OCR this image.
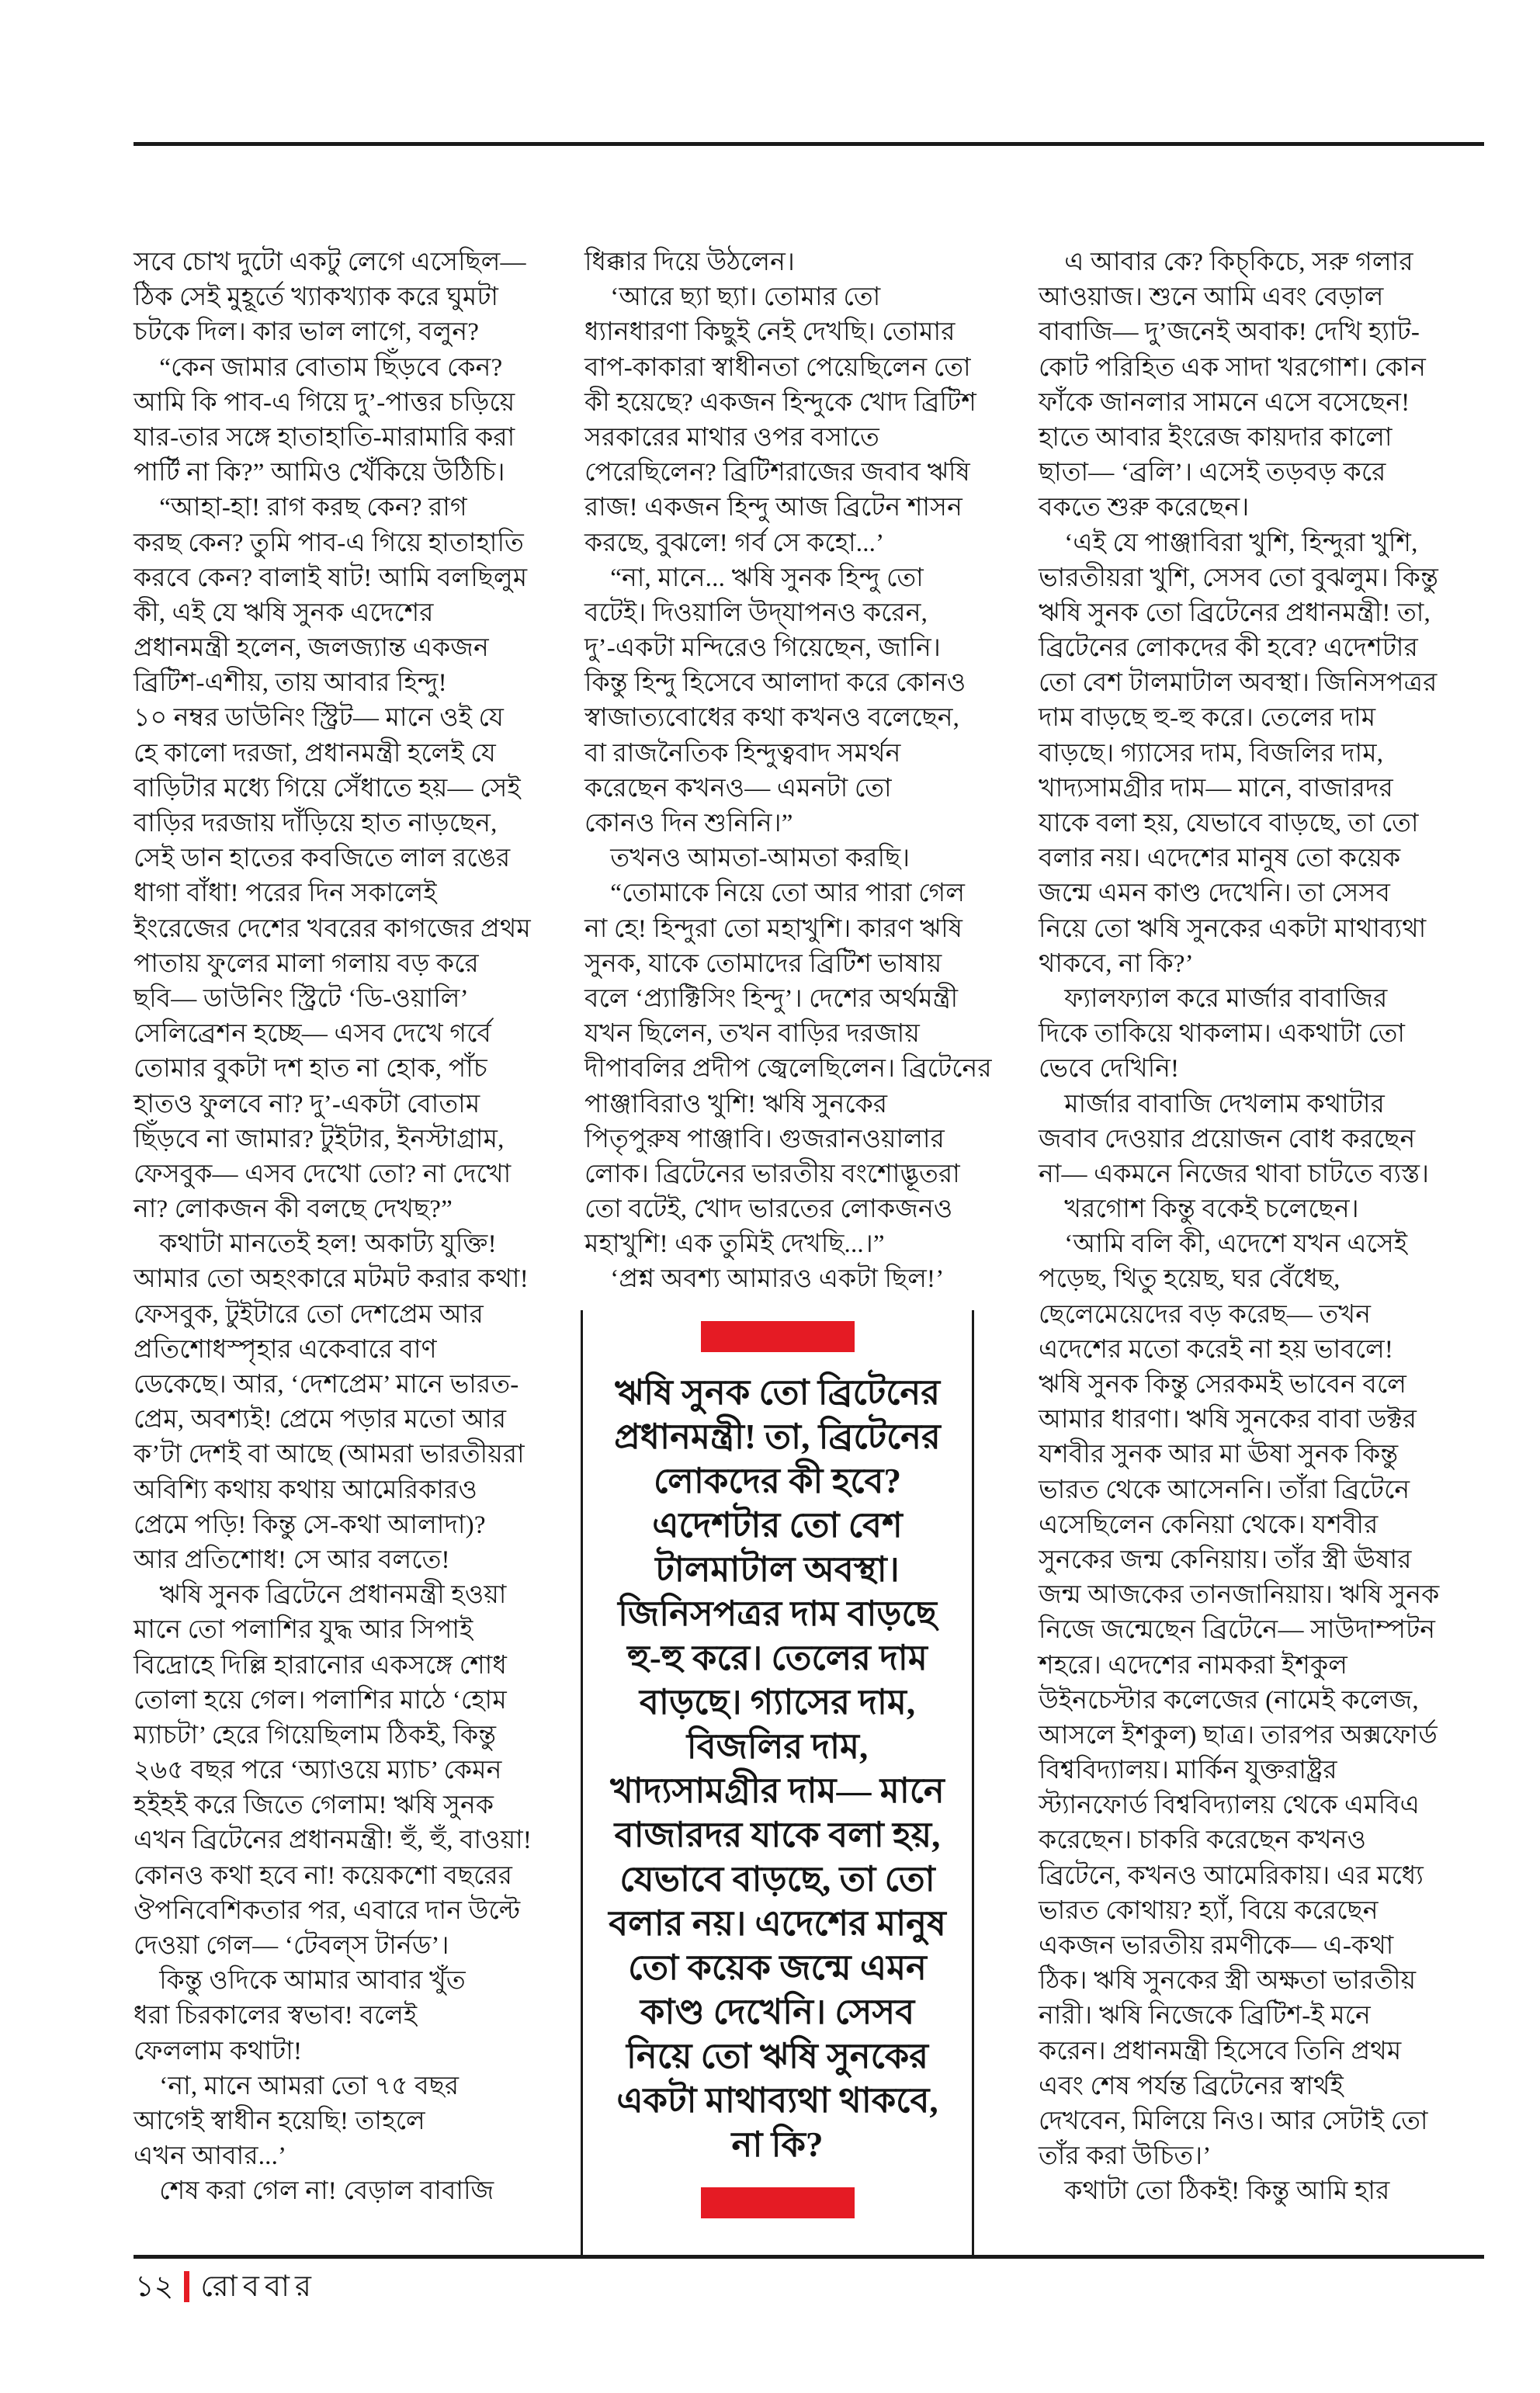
সবে চোখ দুটো একটু লেগে এসেছিল—
ঠিক সেই মুহূর্তে খ্যাকখ্যাক করে ঘুমটা
চটকে দিল। কার ভাল লাগে, বলুন?
 “কেন জামার বোতাম ছিঁড়বে কেন?
আমি কি পাব-এ গিয়ে দু’-পাত্তর চড়িয়ে
যার-তার সঙ্গে হাতাহাতি-মারামারি করা
পার্টি না কি?” আমিও খেঁকিয়ে উঠিচি।
 “আহা-হা! রাগ করছ কেন? রাগ
করছ কেন? তুমি পাব-এ গিয়ে হাতাহাতি
করবে কেন? বালাই ষাট! আমি বলছিলুম
কী, এই যে ঋষি সুনক এদেশের
প্রধানমন্ত্রী হলেন, জলজ্যান্ত একজন
ব্রিটিশ-এশীয়, তায় আবার হিন্দু!
১০ নম্বর ডাউনিং স্ট্রিট— মানে ওই যে
হে কালো দরজা, প্রধানমন্ত্রী হলেই যে
বাড়িটার মধ্যে গিয়ে সেঁধাতে হয়— সেই
বাড়ির দরজায় দাঁড়িয়ে হাত নাড়ছেন,
সেই ডান হাতের কবজিতে লাল রঙের
ধাগা বাঁধা! পরের দিন সকালেই
ইংরেজের দেশের খবরের কাগজের প্রথম
পাতায় ফুলের মালা গলায় বড় করে
ছবি— ডাউনিং স্ট্রিটে ‘ডি-ওয়ালি’
সেলিব্রেশন হচ্ছে— এসব দেখে গর্বে
তোমার বুকটা দশ হাত না হোক, পাঁচ
হাতও ফুলবে না? দু’-একটা বোতাম
ছিঁড়বে না জামার? টুইটার, ইনস্টাগ্রাম,
ফেসবুক— এসব দেখো তো? না দেখো
না? লোকজন কী বলছে দেখছ?”
 কথাটা মানতেই হল! অকাট্য যুক্তি!
আমার তো অহংকারে মটমট করার কথা!
ফেসবুক, টুইটারে তো দেশপ্রেম আর
প্রতিশোধস্পৃহার একেবারে বাণ
ডেকেছে। আর, ‘দেশপ্রেম’ মানে ভারত-
প্রেম, অবশ্যই! প্রেমে পড়ার মতো আর
ক’টা দেশই বা আছে (আমরা ভারতীয়রা
অবিশ্যি কথায় কথায় আমেরিকারও
প্রেমে পড়ি! কিন্তু সে-কথা আলাদা)?
আর প্রতিশোধ! সে আর বলতে!
 ঋষি সুনক ব্রিটেনে প্রধানমন্ত্রী হওয়া
মানে তো পলাশির যুদ্ধ আর সিপাই
বিদ্রোহে দিল্লি হারানোর একসঙ্গে শোধ
তোলা হয়ে গেল। পলাশির মাঠে ‘হোম
ম্যাচটা’ হেরে গিয়েছিলাম ঠিকই, কিন্তু
২৬৫ বছর পরে ‘অ্যাওয়ে ম্যাচ’ কেমন
হইহই করে জিতে গেলাম! ঋষি সুনক
এখন ব্রিটেনের প্রধানমন্ত্রী! হুঁ, হুঁ, বাওয়া!
কোনও কথা হবে না! কয়েকশো বছরের
ঔপনিবেশিকতার পর, এবারে দান উল্টে
দেওয়া গেল— ‘টেবল্‌স টার্নড’।
 কিন্তু ওদিকে আমার আবার খুঁত
ধরা চিরকালের স্বভাব! বলেই
ফেললাম কথাটা!
 ‘না, মানে আমরা তো ৭৫ বছর
আগেই স্বাধীন হয়েছি! তাহলে
এখন আবার...’
 শেষ করা গেল না! বেড়াল বাবাজি
ধিক্কার দিয়ে উঠলেন।
 ‘আরে ছ্যা ছ্যা। তোমার তো
ধ্যানধারণা কিছুই নেই দেখছি। তোমার
বাপ-কাকারা স্বাধীনতা পেয়েছিলেন তো
কী হয়েছে? একজন হিন্দুকে খোদ ব্রিটিশ
সরকারের মাথার ওপর বসাতে
পেরেছিলেন? ব্রিটিশরাজের জবাব ঋষি
রাজ! একজন হিন্দু আজ ব্রিটেন শাসন
করছে, বুঝলে! গর্ব সে কহো...’
 “না, মানে... ঋষি সুনক হিন্দু তো
বটেই। দিওয়ালি উদ্‌যাপনও করেন,
দু’-একটা মন্দিরেও গিয়েছেন, জানি।
কিন্তু হিন্দু হিসেবে আলাদা করে কোনও
স্বাজাত্যবোধের কথা কখনও বলেছেন,
বা রাজনৈতিক হিন্দুত্ববাদ সমর্থন
করেছেন কখনও— এমনটা তো
কোনও দিন শুনিনি।”
 তখনও আমতা-আমতা করছি।
 “তোমাকে নিয়ে তো আর পারা গেল
না হে! হিন্দুরা তো মহাখুশি। কারণ ঋষি
সুনক, যাকে তোমাদের ব্রিটিশ ভাষায়
বলে ‘প্র্যাক্টিসিং হিন্দু’। দেশের অর্থমন্ত্রী
যখন ছিলেন, তখন বাড়ির দরজায়
দীপাবলির প্রদীপ জ্বেলেছিলেন। ব্রিটেনের
পাঞ্জাবিরাও খুশি! ঋষি সুনকের
পিতৃপুরুষ পাঞ্জাবি। গুজরানওয়ালার
লোক। ব্রিটেনের ভারতীয় বংশোদ্ভূতরা
তো বটেই, খোদ ভারতের লোকজনও
মহাখুশি! এক তুমিই দেখছি...।”
 ‘প্রশ্ন অবশ্য আমারও একটা ছিল!’
 এ আবার কে? কিচ্‌কিচে, সরু গলার
আওয়াজ। শুনে আমি এবং বেড়াল
বাবাজি— দু’জনেই অবাক! দেখি হ্যাট-
কোট পরিহিত এক সাদা খরগোশ। কোন
ফাঁকে জানলার সামনে এসে বসেছেন!
হাতে আবার ইংরেজ কায়দার কালো
ছাতা— ‘ব্রলি’। এসেই তড়বড় করে
বকতে শুরু করেছেন।
 ‘এই যে পাঞ্জাবিরা খুশি, হিন্দুরা খুশি,
ভারতীয়রা খুশি, সেসব তো বুঝলুম। কিন্তু
ঋষি সুনক তো ব্রিটেনের প্রধানমন্ত্রী! তা,
ব্রিটেনের লোকদের কী হবে? এদেশটার
তো বেশ টালমাটাল অবস্থা। জিনিসপত্রর
দাম বাড়ছে হু-হু করে। তেলের দাম
বাড়ছে। গ্যাসের দাম, বিজলির দাম,
খাদ্যসামগ্রীর দাম— মানে, বাজারদর
যাকে বলা হয়, যেভাবে বাড়ছে, তা তো
বলার নয়। এদেশের মানুষ তো কয়েক
জন্মে এমন কাণ্ড দেখেনি। তা সেসব
নিয়ে তো ঋষি সুনকের একটা মাথাব্যথা
থাকবে, না কি?’
 ফ্যালফ্যাল করে মার্জার বাবাজির
দিকে তাকিয়ে থাকলাম। একথাটা তো
ভেবে দেখিনি!
 মার্জার বাবাজি দেখলাম কথাটার
জবাব দেওয়ার প্রয়োজন বোধ করছেন
না— একমনে নিজের থাবা চাটতে ব্যস্ত।
 খরগোশ কিন্তু বকেই চলেছেন।
 ‘আমি বলি কী, এদেশে যখন এসেই
পড়েছ, থিতু হয়েছ, ঘর বেঁধেছ,
ছেলেমেয়েদের বড় করেছ— তখন
এদেশের মতো করেই না হয় ভাবলে!
ঋষি সুনক কিন্তু সেরকমই ভাবেন বলে
আমার ধারণা। ঋষি সুনকের বাবা ডক্টর
যশবীর সুনক আর মা ঊষা সুনক কিন্তু
ভারত থেকে আসেননি। তাঁরা ব্রিটেনে
এসেছিলেন কেনিয়া থেকে। যশবীর
সুনকের জন্ম কেনিয়ায়। তাঁর স্ত্রী ঊষার
জন্ম আজকের তানজানিয়ায়। ঋষি সুনক
নিজে জন্মেছেন ব্রিটেনে— সাউদাম্পটন
শহরে। এদেশের নামকরা ইশকুল
উইনচেস্টার কলেজের (নামেই কলেজ,
আসলে ইশকুল) ছাত্র। তারপর অক্সফোর্ড
বিশ্ববিদ্যালয়। মার্কিন যুক্তরাষ্ট্রর
স্ট্যানফোর্ড বিশ্ববিদ্যালয় থেকে এমবিএ
করেছেন। চাকরি করেছেন কখনও
ব্রিটেনে, কখনও আমেরিকায়। এর মধ্যে
ভারত কোথায়? হ্যাঁ, বিয়ে করেছেন
একজন ভারতীয় রমণীকে— এ-কথা
ঠিক। ঋষি সুনকের স্ত্রী অক্ষতা ভারতীয়
নারী। ঋষি নিজেকে ব্রিটিশ-ই মনে
করেন। প্রধানমন্ত্রী হিসেবে তিনি প্রথম
এবং শেষ পর্যন্ত ব্রিটেনের স্বার্থই
দেখবেন, মিলিয়ে নিও। আর সেটাই তো
তাঁর করা উচিত।’
 কথাটা তো ঠিকই! কিন্তু আমি হার
ঋষি সুনক তো ব্রিটেনের
প্রধানমন্ত্রী! তা, ব্রিটেনের
লোকদের কী হবে?
এদেশটার তো বেশ
টালমাটাল অবস্থা।
জিনিসপত্রর দাম বাড়ছে
হু-হু করে। তেলের দাম
বাড়ছে। গ্যাসের দাম,
বিজলির দাম,
খাদ্যসামগ্রীর দাম— মানে
বাজারদর যাকে বলা হয়,
যেভাবে বাড়ছে, তা তো
বলার নয়। এদেশের মানুষ
তো কয়েক জন্মে এমন
কাণ্ড দেখেনি। সেসব
নিয়ে তো ঋষি সুনকের
একটা মাথাব্যথা থাকবে,
না কি?
১২ রোববার
